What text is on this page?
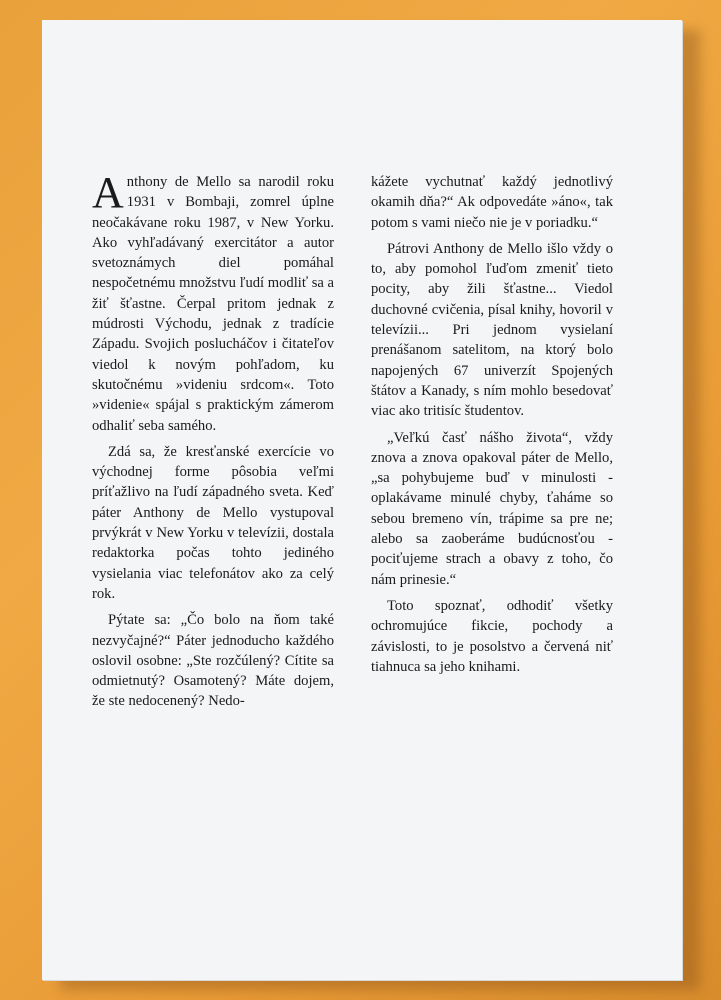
Anthony de Mello sa narodil roku 1931 v Bombaji, zomrel úplne neočakávane roku 1987, v New Yorku. Ako vyhľadávaný exercitátor a autor svetoznámych diel pomáhal nespočetnému množstvu ľudí modliť sa a žiť šťastne. Čerpal pritom jednak z múdrosti Východu, jednak z tradície Západu. Svojich poslucháčov i čitateľov viedol k novým pohľadom, ku skutočnému »videniu srdcom«. Toto »videnie« spájal s praktickým zámerom odhaliť seba samého.

Zdá sa, že kresťanské exercície vo východnej forme pôsobia veľmi príťažlivo na ľudí západného sveta. Keď páter Anthony de Mello vystupoval prvýkrát v New Yorku v televízii, dostala redaktorka počas tohto jediného vysielania viac telefonátov ako za celý rok.

Pýtate sa: „Čo bolo na ňom také nezvyčajné?“ Páter jednoducho každého oslovil osobne: „Ste rozčúlený? Cítite sa odmietnutý? Osamotený? Máte dojem, že ste nedocenený? Nedo-

kážete vychutnať každý jednotlivý okamih dňa?“ Ak odpovedáte »áno«, tak potom s vami niečo nie je v poriadku.“

Pátrovi Anthony de Mello išlo vždy o to, aby pomohol ľuďom zmeniť tieto pocity, aby žili šťastne... Viedol duchovné cvičenia, písal knihy, hovoril v televízii... Pri jednom vysielaní prenášanom satelitom, na ktorý bolo napojených 67 univerzít Spojených štátov a Kanady, s ním mohlo besedovať viac ako tritisíc študentov.

„Veľkú časť nášho života“, vždy znova a znova opakoval páter de Mello, „sa pohybujeme buď v minulosti - oplakávame minulé chyby, ťaháme so sebou bremeno vín, trápime sa pre ne; alebo sa zaoberáme budúcnosťou - pociťujeme strach a obavy z toho, čo nám prinesie.“

Toto spoznať, odhodiť všetky ochromujúce fikcie, pochody a závislosti, to je posolstvo a červená niť tiahnuca sa jeho knihami.
